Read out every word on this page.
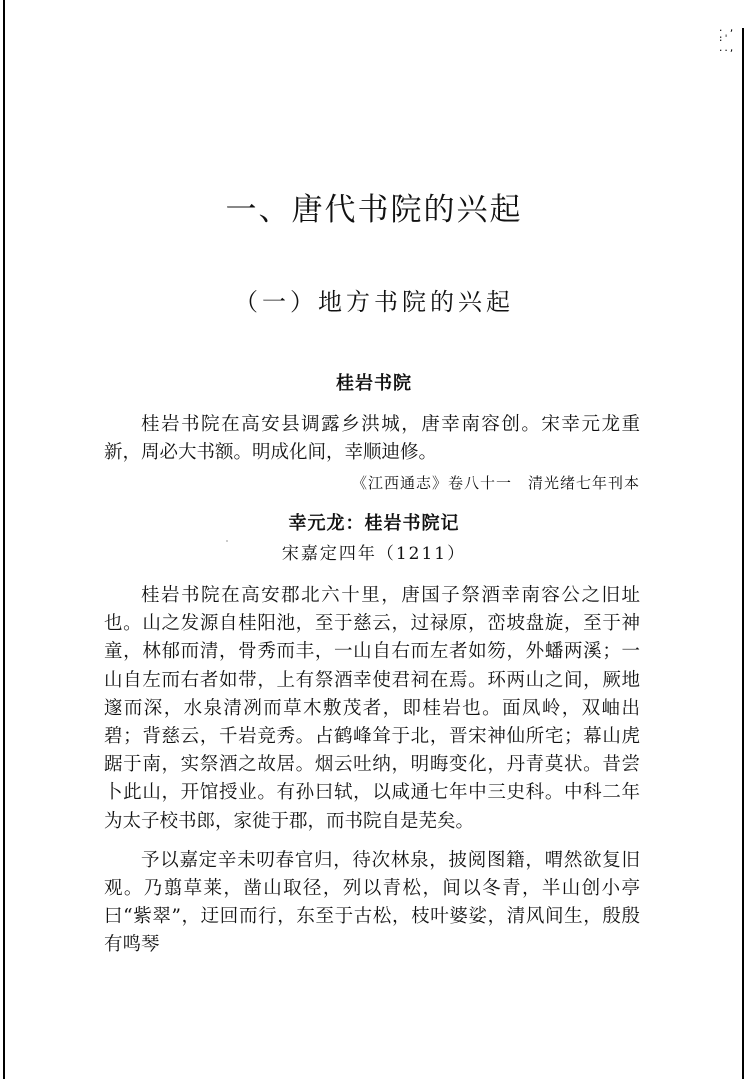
. ,
:'
..,
一、唐代书院的兴起
（一）地方书院的兴起
桂岩书院

桂岩书院在高安县调露乡洪城，唐幸南容创。宋幸元龙重新，周必大书额。明成化间，幸顺迪修。

《江西通志》卷八十一　清光绪七年刊本
幸元龙：桂岩书院记
宋嘉定四年（1211）

桂岩书院在高安郡北六十里，唐国子祭酒幸南容公之旧址也。山之发源自桂阳池，至于慈云，过禄原，峦坡盘旋，至于神童，林郁而清，骨秀而丰，一山自右而左者如笏，外蟠两溪；一山自左而右者如带，上有祭酒幸使君祠在焉。环两山之间，厥地邃而深，水泉清冽而草木敷茂者，即桂岩也。面凤岭，双岫出碧；背慈云，千岩竞秀。占鹤峰耸于北，晋宋神仙所宅；幕山虎踞于南，实祭酒之故居。烟云吐纳，明晦变化，丹青莫状。昔尝卜此山，开馆授业。有孙曰轼，以咸通七年中三史科。中科二年为太子校书郎，家徙于郡，而书院自是芜矣。

予以嘉定辛未叨春官归，待次林泉，披阅图籍，喟然欲复旧观。乃翦草莱，凿山取径，列以青松，间以冬青，半山创小亭曰“紫翠”，迂回而行，东至于古松，枝叶婆娑，清风间生，殷殷有鸣琴
